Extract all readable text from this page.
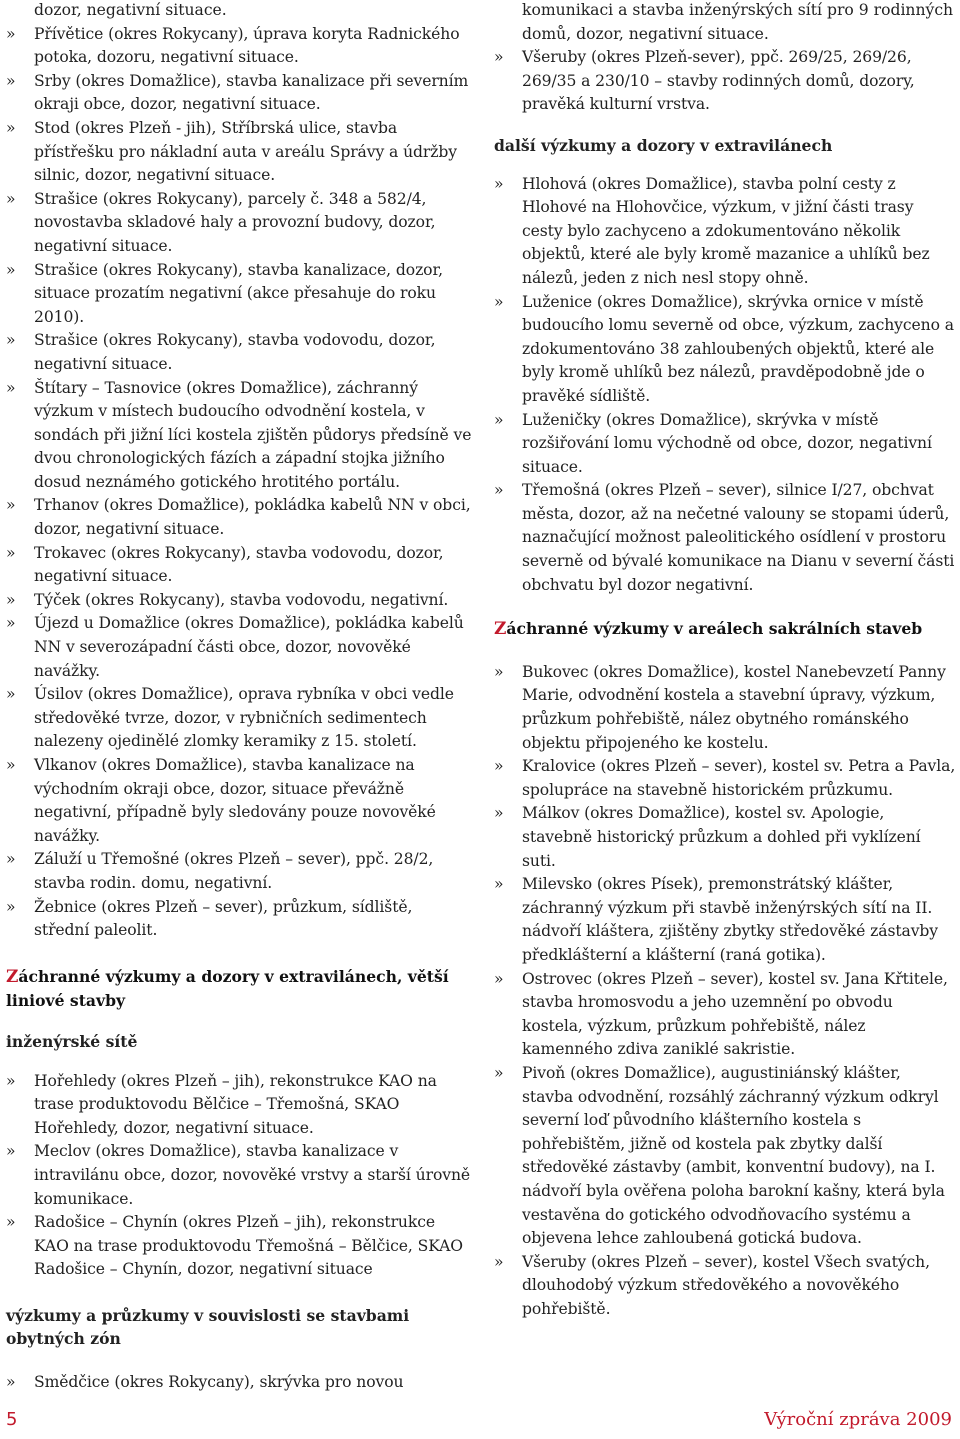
dozor, negativní situace.
»	Přívětice (okres Rokycany), úprava koryta Radnického potoka, dozoru, negativní situace.
»	Srby (okres Domažlice), stavba kanalizace při severním okraji obce, dozor, negativní situace.
»	Stod (okres Plzeň - jih), Stříbrská ulice, stavba přístřešku pro nákladní auta v areálu Správy a údržby silnic, dozor, negativní situace.
»	Strašice (okres Rokycany), parcely č. 348 a 582/4, novostavba skladové haly a provozní budovy, dozor, negativní situace.
»	Strašice (okres Rokycany), stavba kanalizace, dozor, situace prozatím negativní (akce přesahuje do roku 2010).
»	Strašice (okres Rokycany), stavba vodovodu, dozor, negativní situace.
»	Štítary – Tasnovice (okres Domažlice), záchranný výzkum v místech budoucího odvodnění kostela, v sondách při jižní líci kostela zjištěn půdorys předsíně ve dvou chronologických fázích a západní stojka jižního dosud neznámého gotického hrotitého portálu.
»	Trhanov (okres Domažlice), pokládka kabelů NN v obci, dozor, negativní situace.
»	Trokavec (okres Rokycany), stavba vodovodu, dozor, negativní situace.
»	Týček (okres Rokycany), stavba vodovodu, negativní.
»	Újezd u Domažlice (okres Domažlice), pokládka kabelů NN v severozápadní části obce, dozor, novověké navážky.
»	Úsilov (okres Domažlice), oprava rybníka v obci vedle středověké tvrze, dozor, v rybničních sedimentech nalezeny ojedinělé zlomky keramiky z 15. století.
»	Vlkanov (okres Domažlice), stavba kanalizace na východním okraji obce, dozor, situace převážně negativní, případně byly sledovány pouze novověké navážky.
»	Záluží u Třemošné (okres Plzeň – sever), ppč. 28/2, stavba rodin. domu, negativní.
»	Žebnice (okres Plzeň – sever), průzkum, sídliště, střední paleolit.
Záchranné výzkumy a dozory v extravilánech, větší liniové stavby
inženýrské sítě
»	Hořehledy (okres Plzeň – jih), rekonstrukce KAO na trase produktovodu Bělčice – Třemošná, SKAO Hořehledy, dozor, negativní situace.
»	Meclov (okres Domažlice), stavba kanalizace v intravilánu obce, dozor, novověké vrstvy a starší úrovně komunikace.
»	Radošice – Chynín (okres Plzeň – jih), rekonstrukce KAO na trase produktovodu Třemošná – Bělčice, SKAO Radošice – Chynín, dozor, negativní situace
výzkumy a průzkumy v souvislosti se stavbami obytných zón
»	Smědčice (okres Rokycany), skrývka pro novou
komunikaci a stavba inženýrských sítí pro 9 rodinných domů, dozor, negativní situace.
»	Všeruby (okres Plzeň-sever), ppč. 269/25, 269/26, 269/35 a 230/10 – stavby rodinných domů, dozory, pravěká kulturní vrstva.
další výzkumy a dozory v extravilánech
»	Hlohová (okres Domažlice), stavba polní cesty z Hlohové na Hlohovčice, výzkum, v jižní části trasy cesty bylo zachyceno a zdokumentováno několik objektů, které ale byly kromě mazanice a uhlíků bez nálezů, jeden z nich nesl stopy ohně.
»	Luženice (okres Domažlice), skrývka ornice v místě budoucího lomu severně od obce, výzkum, zachyceno a zdokumentováno 38 zahloubených objektů, které ale byly kromě uhlíků bez nálezů, pravděpodobně jde o pravěké sídliště.
»	Luženičky (okres Domažlice), skrývka v místě rozšiřování lomu východně od obce, dozor, negativní situace.
»	Třemošná (okres Plzeň – sever), silnice I/27, obchvat města, dozor, až na nečetné valouny se stopami úderů, naznačující možnost paleolitického osídlení v prostoru severně od bývalé komunikace na Dianu v severní části obchvatu byl dozor negativní.
Záchranné výzkumy v areálech sakrálních staveb
»	Bukovec (okres Domažlice), kostel Nanebevzetí Panny Marie, odvodnění kostela a stavební úpravy, výzkum, průzkum pohřebiště, nález obytného románského objektu připojeného ke kostelu.
»	Kralovice (okres Plzeň – sever), kostel sv. Petra a Pavla, spolupráce na stavebně historickém průzkumu.
»	Málkov (okres Domažlice), kostel sv. Apologie, stavebně historický průzkum a dohled při vyklízení suti.
»	Milevsko (okres Písek), premonstrátský klášter, záchranný výzkum při stavbě inženýrských sítí na II. nádvoří kláštera, zjištěny zbytky středověké zástavby předklášterní a klášterní (raná gotika).
»	Ostrovec (okres Plzeň – sever), kostel sv. Jana Křtitele, stavba hromosvodu a jeho uzemnění po obvodu kostela, výzkum, průzkum pohřebiště, nález kamenného zdiva zaniklé sakristie.
»	Pivoň (okres Domažlice), augustiniánský klášter, stavba odvodnění, rozsáhlý záchranný výzkum odkryl severní loď původního klášterního kostela s pohřebištěm, jižně od kostela pak zbytky další středověké zástavby (ambit, konventní budovy), na I. nádvoří byla ověřena poloha barokní kašny, která byla vestavěna do gotického odvodňovacího systému a objevena lehce zahloubená gotická budova.
»	Všeruby (okres Plzeň – sever), kostel Všech svatých, dlouhodobý výzkum středověkého a novověkého pohřebiště.
5	Výroční zpráva 2009
